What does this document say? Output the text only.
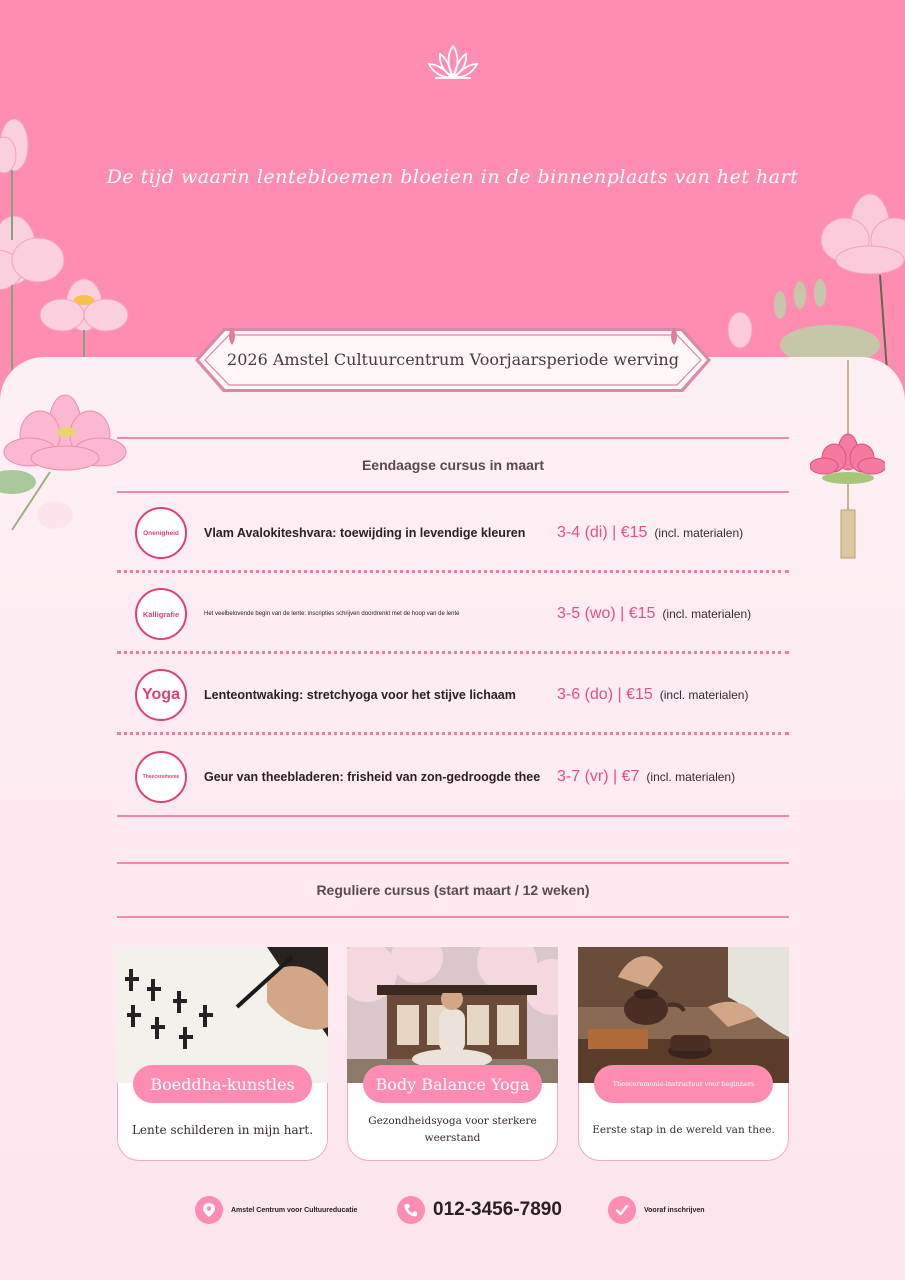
De tijd waarin lentebloemen bloeien in de binnenplaats van het hart
2026 Amstel Cultuurcentrum Voorjaarsperiode werving
Eendaagse cursus in maart
Onenigheid	Vlam Avalokiteshvara: toewijding in levendige kleuren 3-4 (di) | €15 (incl. materialen)
Kalligrafie	Het veelbelovende begin van de lente: inscripties schrijven doordrenkt met de hoop van de lente	3-5 (wo) | €15 (incl. materialen)
Yoga	Lenteontwaking: stretchyoga voor het stijve lichaam	3-6 (do) | €15 (incl. materialen)
Theeceremonie	Geur van theebladeren: frisheid van zon-gedroogde thee 3-7 (vr) | €7 (incl. materialen)
Reguliere cursus (start maart / 12 weken)
Boeddha-kunstles
Lente schilderen in mijn hart.
Body Balance Yoga
Gezondheidsyoga voor sterkere weerstand
Theeceremonie-instructeur voor beginners
Eerste stap in de wereld van thee.
Amstel Centrum voor Cultuureducatie	012-3456-7890	Vooraf inschrijven
